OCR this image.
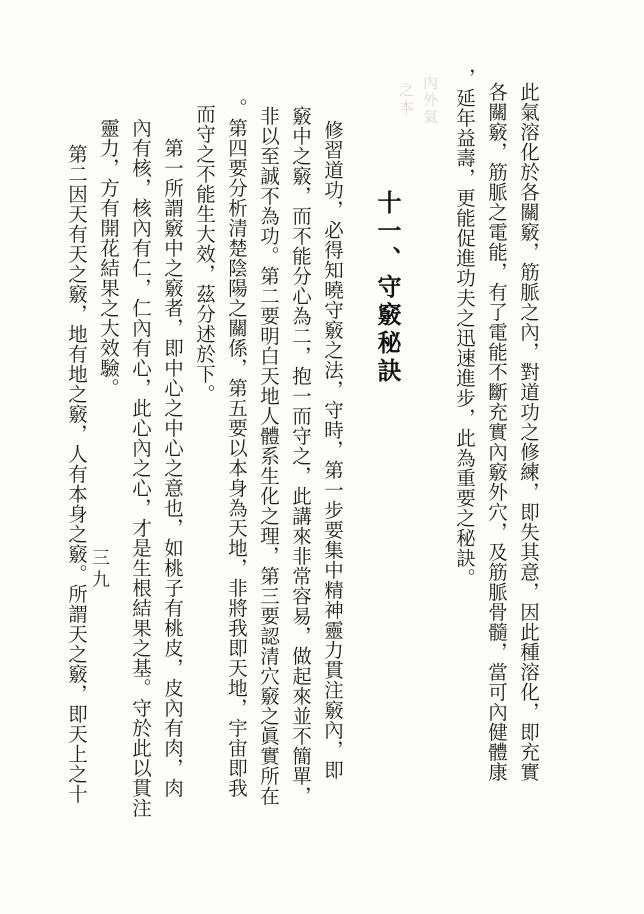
內外氣
之本	此氣溶化於各關竅，筋脈之內，對道功之修練，即失其意，因此種溶化，即充實
各關竅，筋脈之電能，有了電能不斷充實內竅外穴，及筋脈骨髓，當可內健體康
，延年益壽，更能促進功夫之迅速進步，此為重要之秘訣。
十一、守竅秘訣
修習道功，必得知曉守竅之法，守時，第一步要集中精神靈力貫注竅內，即
竅中之竅，而不能分心為二，抱一而守之，此講來非常容易，做起來並不簡單，
非以至誠不為功。第二要明白天地人體系生化之理，第三要認清穴竅之眞實所在
。第四要分析清楚陰陽之關係，第五要以本身為天地，非將我即天地，宇宙即我
而守之不能生大效，茲分述於下。
第一所謂竅中之竅者，即中心之中心之意也，如桃子有桃皮，皮內有肉，肉
內有核，核內有仁，仁內有心，此心內之心，才是生根結果之基。守於此以貫注
靈力，方有開花結果之大效驗。
第二因天有天之竅，地有地之竅，人有本身之竅。所謂天之竅，即天上之十 三九
